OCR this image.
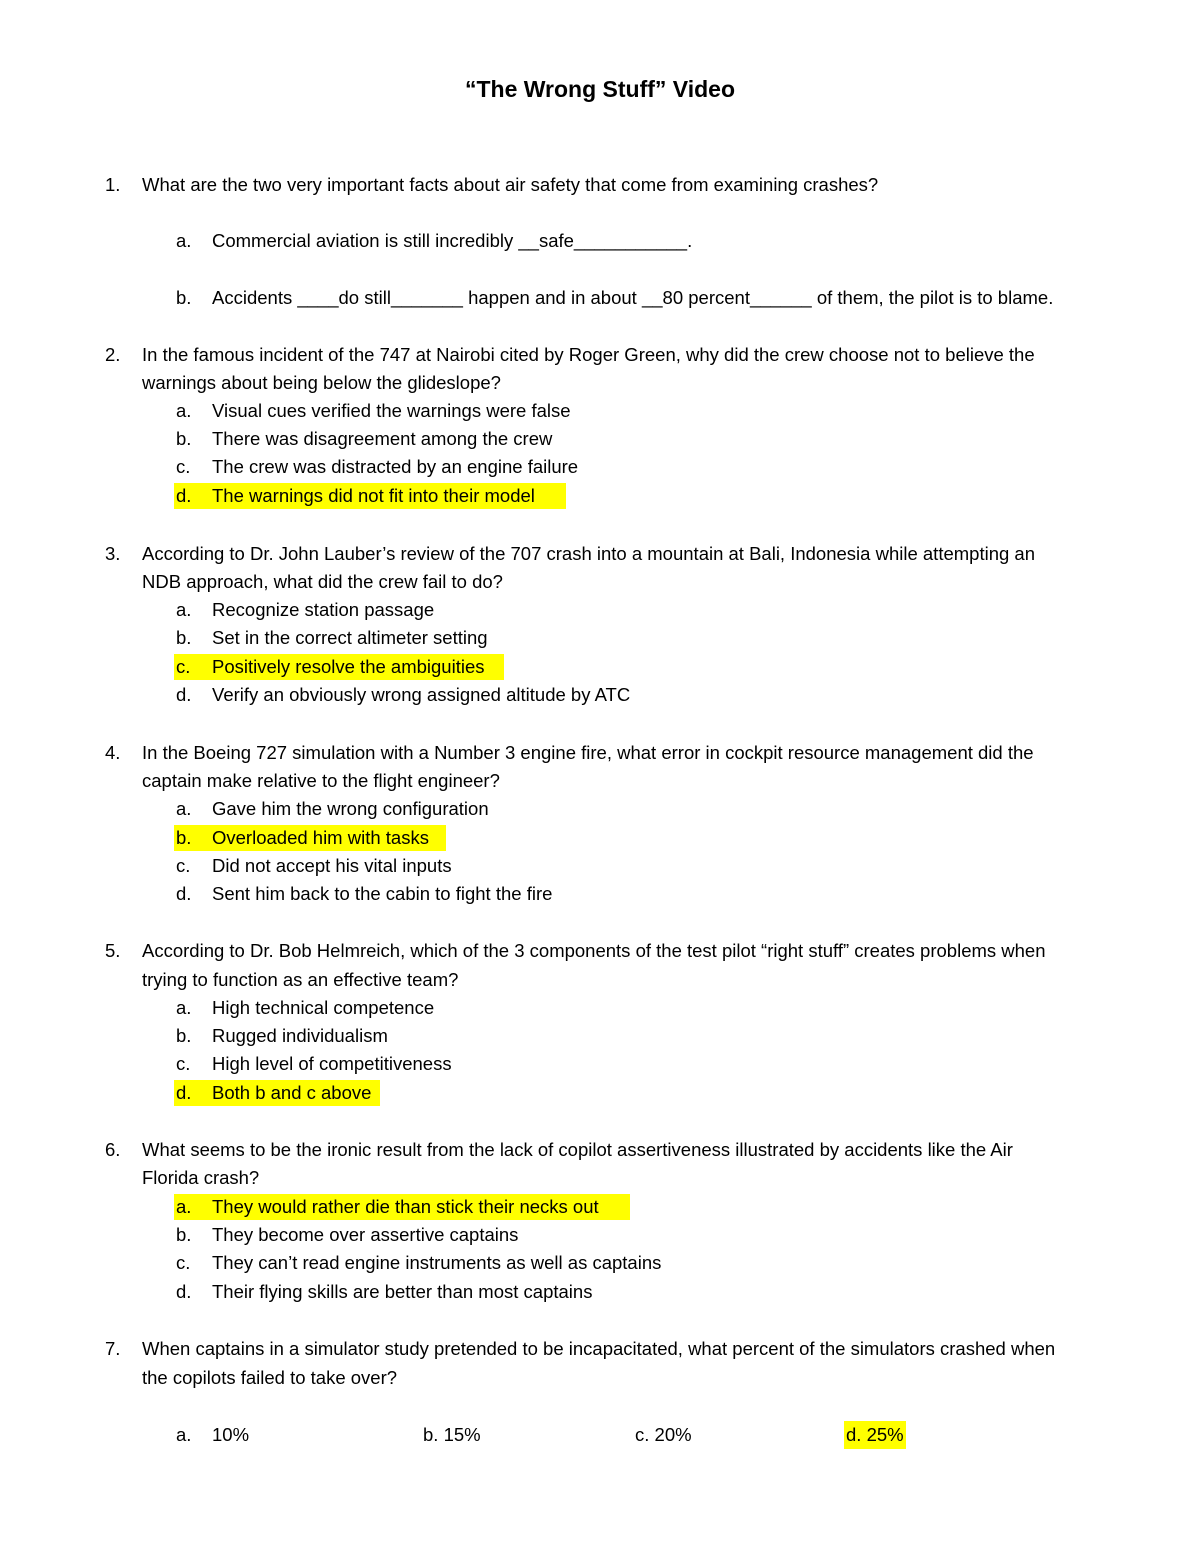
“The Wrong Stuff” Video
1. What are the two very important facts about air safety that come from examining crashes?
a. Commercial aviation is still incredibly __safe___________.
b. Accidents ____do still_______ happen and in about __80 percent______ of them, the pilot is to blame.
2. In the famous incident of the 747 at Nairobi cited by Roger Green, why did the crew choose not to believe the
warnings about being below the glideslope?
a. Visual cues verified the warnings were false
b. There was disagreement among the crew
c. The crew was distracted by an engine failure
d. The warnings did not fit into their model
3. According to Dr. John Lauber’s review of the 707 crash into a mountain at Bali, Indonesia while attempting an
NDB approach, what did the crew fail to do?
a. Recognize station passage
b. Set in the correct altimeter setting
c. Positively resolve the ambiguities
d. Verify an obviously wrong assigned altitude by ATC
4. In the Boeing 727 simulation with a Number 3 engine fire, what error in cockpit resource management did the
captain make relative to the flight engineer?
a. Gave him the wrong configuration
b. Overloaded him with tasks
c. Did not accept his vital inputs
d. Sent him back to the cabin to fight the fire
5. According to Dr. Bob Helmreich, which of the 3 components of the test pilot “right stuff” creates problems when
trying to function as an effective team?
a. High technical competence
b. Rugged individualism
c. High level of competitiveness
d. Both b and c above
6. What seems to be the ironic result from the lack of copilot assertiveness illustrated by accidents like the Air
Florida crash?
a. They would rather die than stick their necks out
b. They become over assertive captains
c. They can’t read engine instruments as well as captains
d. Their flying skills are better than most captains
7. When captains in a simulator study pretended to be incapacitated, what percent of the simulators crashed when
the copilots failed to take over?
a. 10%	b. 15%	c. 20%	d. 25%
